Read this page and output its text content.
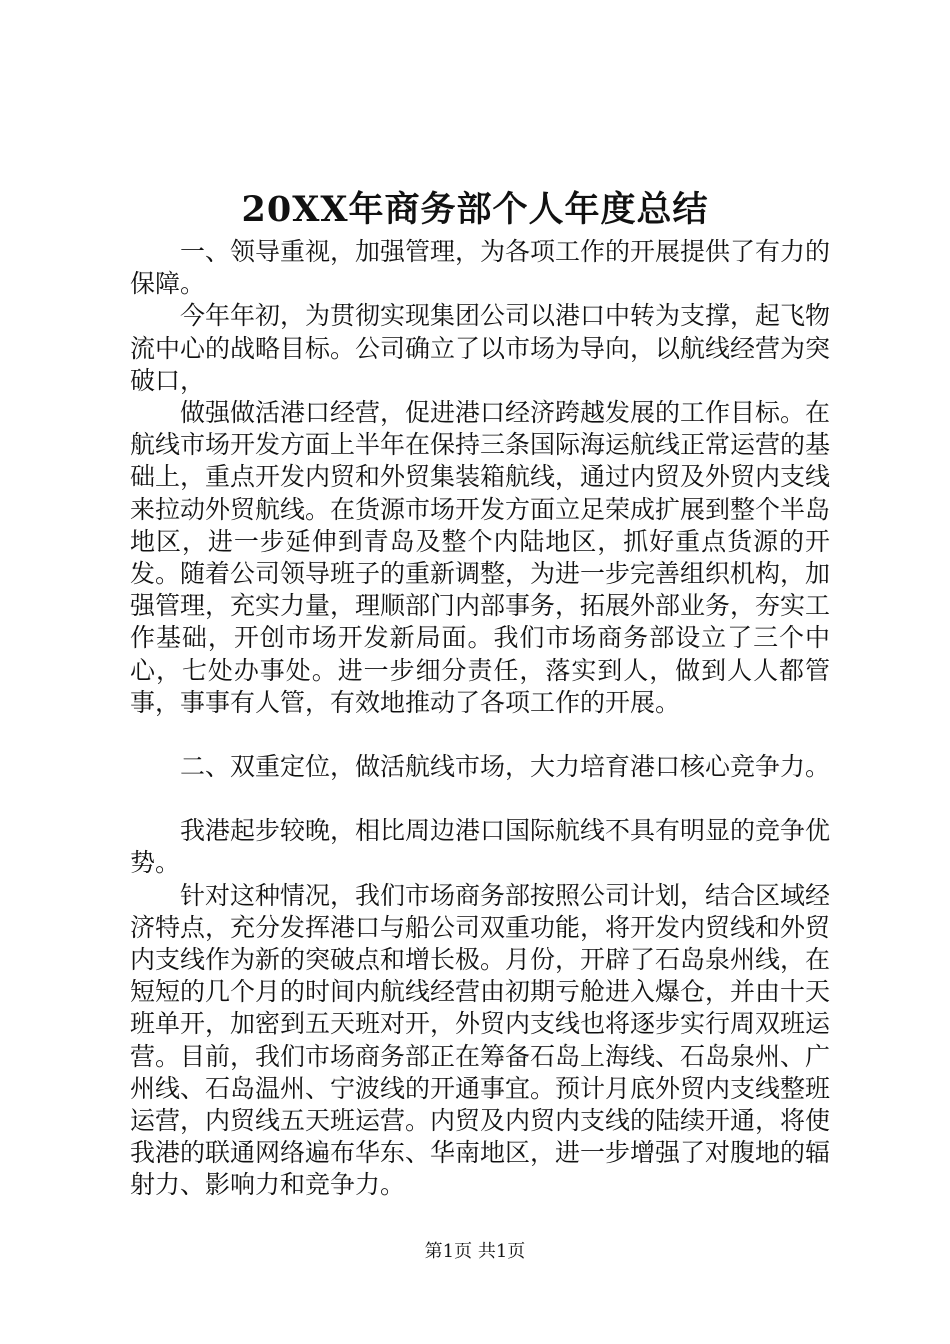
20XX年商务部个人年度总结

一、领导重视，加强管理，为各项工作的开展提供了有力的保障。

今年年初，为贯彻实现集团公司以港口中转为支撑，起飞物流中心的战略目标。公司确立了以市场为导向，以航线经营为突破口，

做强做活港口经营，促进港口经济跨越发展的工作目标。在航线市场开发方面上半年在保持三条国际海运航线正常运营的基础上，重点开发内贸和外贸集装箱航线，通过内贸及外贸内支线来拉动外贸航线。在货源市场开发方面立足荣成扩展到整个半岛地区，进一步延伸到青岛及整个内陆地区，抓好重点货源的开发。随着公司领导班子的重新调整，为进一步完善组织机构，加强管理，充实力量，理顺部门内部事务，拓展外部业务，夯实工作基础，开创市场开发新局面。我们市场商务部设立了三个中心，七处办事处。进一步细分责任，落实到人，做到人人都管事，事事有人管，有效地推动了各项工作的开展。

二、双重定位，做活航线市场，大力培育港口核心竞争力。

我港起步较晚，相比周边港口国际航线不具有明显的竞争优势。

针对这种情况，我们市场商务部按照公司计划，结合区域经济特点，充分发挥港口与船公司双重功能，将开发内贸线和外贸内支线作为新的突破点和增长极。月份，开辟了石岛泉州线，在短短的几个月的时间内航线经营由初期亏舱进入爆仓，并由十天班单开，加密到五天班对开，外贸内支线也将逐步实行周双班运营。目前，我们市场商务部正在筹备石岛上海线、石岛泉州、广州线、石岛温州、宁波线的开通事宜。预计月底外贸内支线整班运营，内贸线五天班运营。内贸及内贸内支线的陆续开通，将使我港的联通网络遍布华东、华南地区，进一步增强了对腹地的辐射力、影响力和竞争力。

第1页 共1页
